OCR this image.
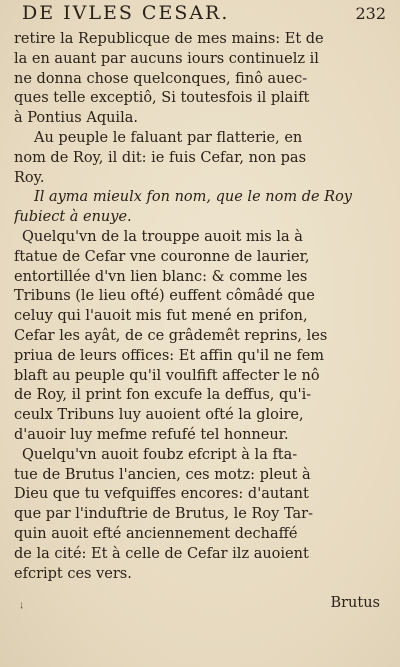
DE IVLES CESAR.	232
retire la Republicque de mes mains: Et de
la en auant par aucuns iours continuelz il
ne donna chose quelconques, finô auec-
ques telle exceptiô, Si toutesfois il plaift
à Pontius Aquila.
Au peuple le faluant par flatterie, en
nom de Roy, il dit: ie fuis Cefar, non pas
Roy.
Il ayma mieulx fon nom, que le nom de Roy
fubiect à enuye.
Quelqu'vn de la trouppe auoit mis la à
ftatue de Cefar vne couronne de laurier,
entortillée d'vn lien blanc: & comme les
Tribuns (le lieu ofté) euffent cômâdé que
celuy qui l'auoit mis fut mené en prifon,
Cefar les ayât, de ce grâdemêt reprins, les
priua de leurs offices: Et affin qu'il ne fem
blaft au peuple qu'il voulfift affecter le nô
de Roy, il print fon excufe la deffus, qu'i-
ceulx Tribuns luy auoient ofté la gloire,
d'auoir luy mefme refufé tel honneur.
Quelqu'vn auoit foubz efcript à la fta-
tue de Brutus l'ancien, ces motz: pleut à
Dieu que tu vefquiffes encores: d'autant
que par l'induftrie de Brutus, le Roy Tar-
quin auoit efté anciennement dechaffé
de la cité: Et à celle de Cefar ilz auoient
efcript ces vers.
Brutus
ᛍ
